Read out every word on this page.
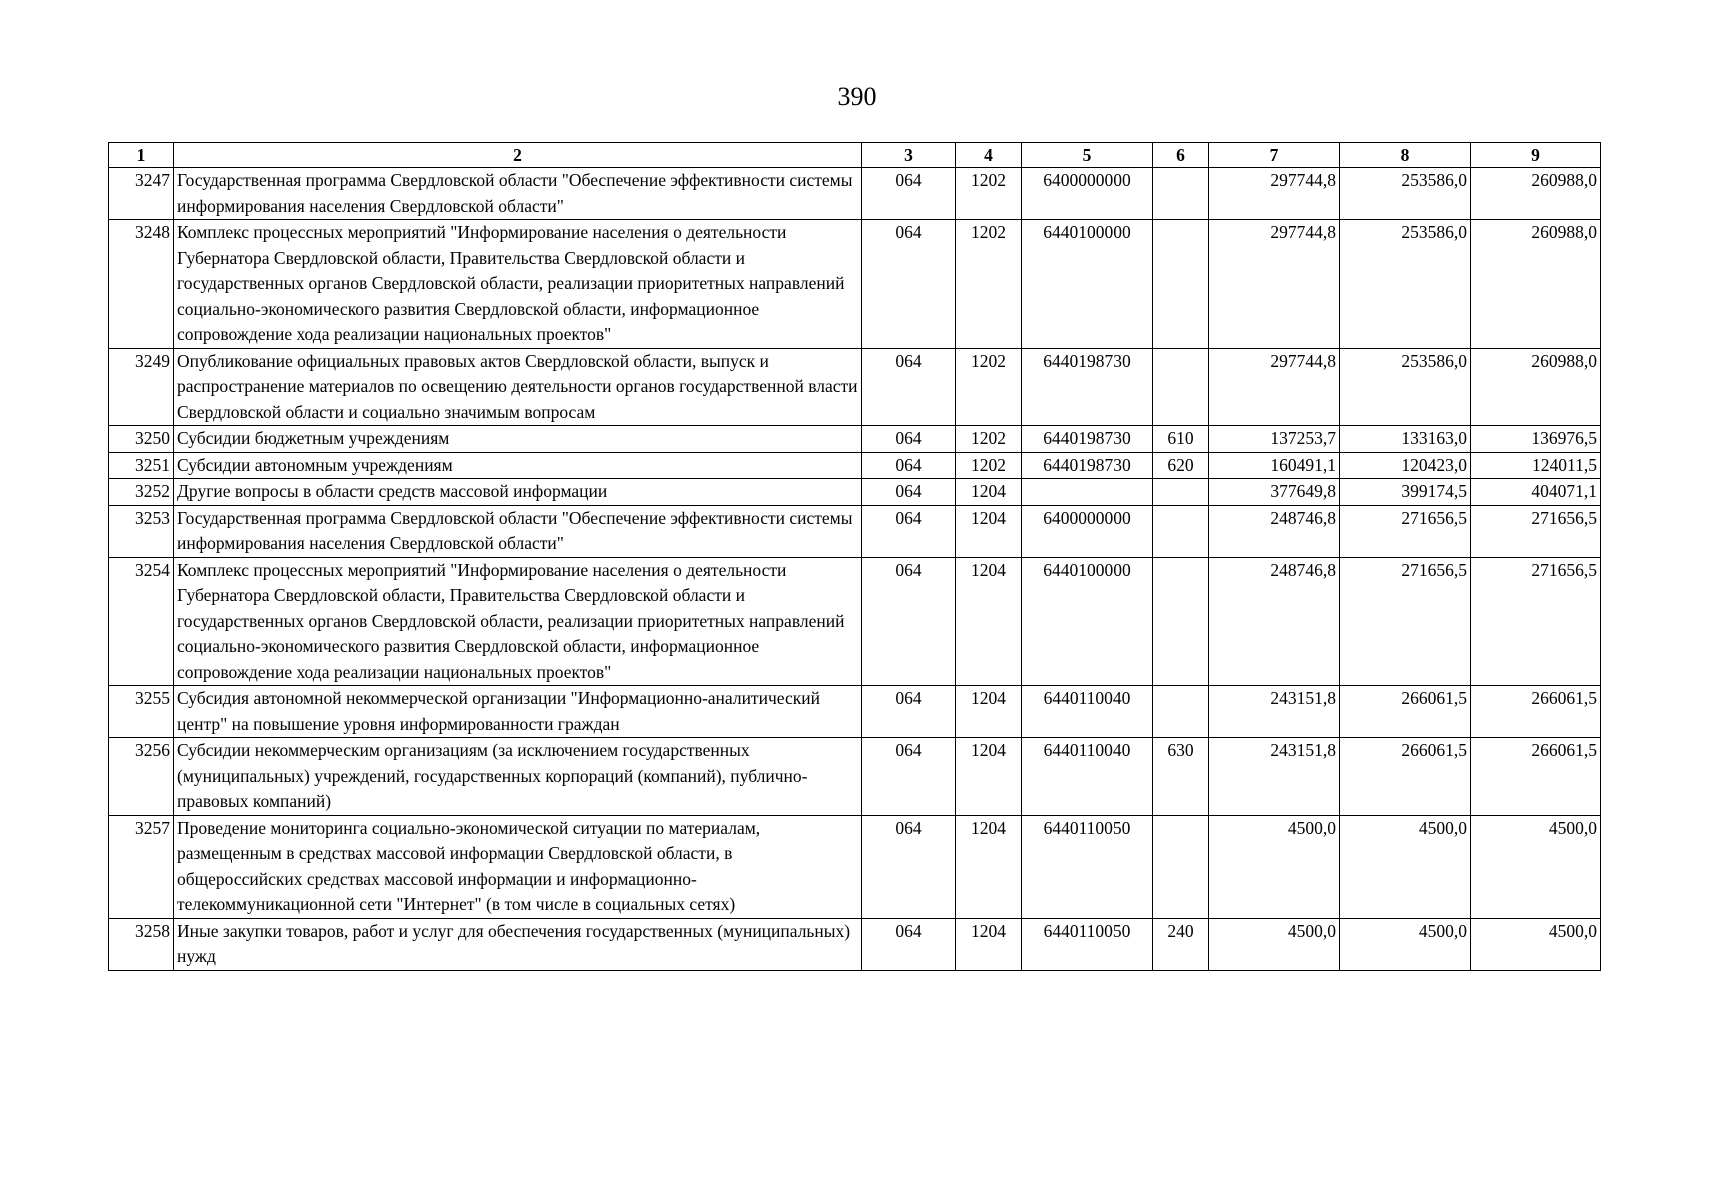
390
1	2	3	4	5	6	7	8	9
3247	Государственная программа Свердловской области "Обеспечение эффективности системы информирования населения Свердловской области"	064	1202	6400000000		297744,8	253586,0	260988,0
3248	Комплекс процессных мероприятий "Информирование населения о деятельности Губернатора Свердловской области, Правительства Свердловской области и государственных органов Свердловской области, реализации приоритетных направлений социально-экономического развития Свердловской области, информационное сопровождение хода реализации национальных проектов"	064	1202	6440100000		297744,8	253586,0	260988,0
3249	Опубликование официальных правовых актов Свердловской области, выпуск и распространение материалов по освещению деятельности органов государственной власти Свердловской области и социально значимым вопросам	064	1202	6440198730		297744,8	253586,0	260988,0
3250	Субсидии бюджетным учреждениям	064	1202	6440198730	610	137253,7	133163,0	136976,5
3251	Субсидии автономным учреждениям	064	1202	6440198730	620	160491,1	120423,0	124011,5
3252	Другие вопросы в области средств массовой информации	064	1204			377649,8	399174,5	404071,1
3253	Государственная программа Свердловской области "Обеспечение эффективности системы информирования населения Свердловской области"	064	1204	6400000000		248746,8	271656,5	271656,5
3254	Комплекс процессных мероприятий "Информирование населения о деятельности Губернатора Свердловской области, Правительства Свердловской области и государственных органов Свердловской области, реализации приоритетных направлений социально-экономического развития Свердловской области, информационное сопровождение хода реализации национальных проектов"	064	1204	6440100000		248746,8	271656,5	271656,5
3255	Субсидия автономной некоммерческой организации "Информационно-аналитический центр" на повышение уровня информированности граждан	064	1204	6440110040		243151,8	266061,5	266061,5
3256	Субсидии некоммерческим организациям (за исключением государственных (муниципальных) учреждений, государственных корпораций (компаний), публично-правовых компаний)	064	1204	6440110040	630	243151,8	266061,5	266061,5
3257	Проведение мониторинга социально-экономической ситуации по материалам, размещенным в средствах массовой информации Свердловской области, в общероссийских средствах массовой информации и информационно-телекоммуникационной сети "Интернет" (в том числе в социальных сетях)	064	1204	6440110050		4500,0	4500,0	4500,0
3258	Иные закупки товаров, работ и услуг для обеспечения государственных (муниципальных) нужд	064	1204	6440110050	240	4500,0	4500,0	4500,0
